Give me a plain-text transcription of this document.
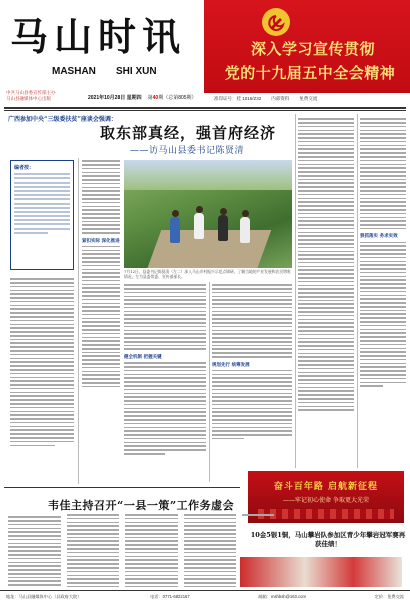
马山时讯
MASHAN SHI XUN
中共马山县委宣传部主办
马山县融媒体中心出版	2021年10月28日 星期四 第40期（总第805期）
深入学习宣传贯彻
党的十九届五中全会精神
准印证号：桂 1016/Z32 内部资料 免费交流
广西参加中央“三级委扶贫”座谈会强调：
取东部真经，强首府经济
——访马山县委书记陈贤清
编者按：
紧扣实际 深化推进
7月12日，县委书记陈贤清（左二）深入马山乡村振兴示范点调研，了解当地的产业发展和农民增收情况，左为县委常委、宣传部部长。
健全机制 把握关键
规划先行 统筹发展
狠抓落实 务求实效
奋斗百年路 启航新征程
——牢记初心使命 争取更大光荣
韦佳主持召开“一县一策”工作务虚会
10金5银1铜，马山攀岩队参加区青少年攀岩冠军赛再获佳绩！
地址：马山县融媒体中心（县政府大院）	电话：0771-6822167	邮箱：mshbsh@163.com	定价：免费交流
